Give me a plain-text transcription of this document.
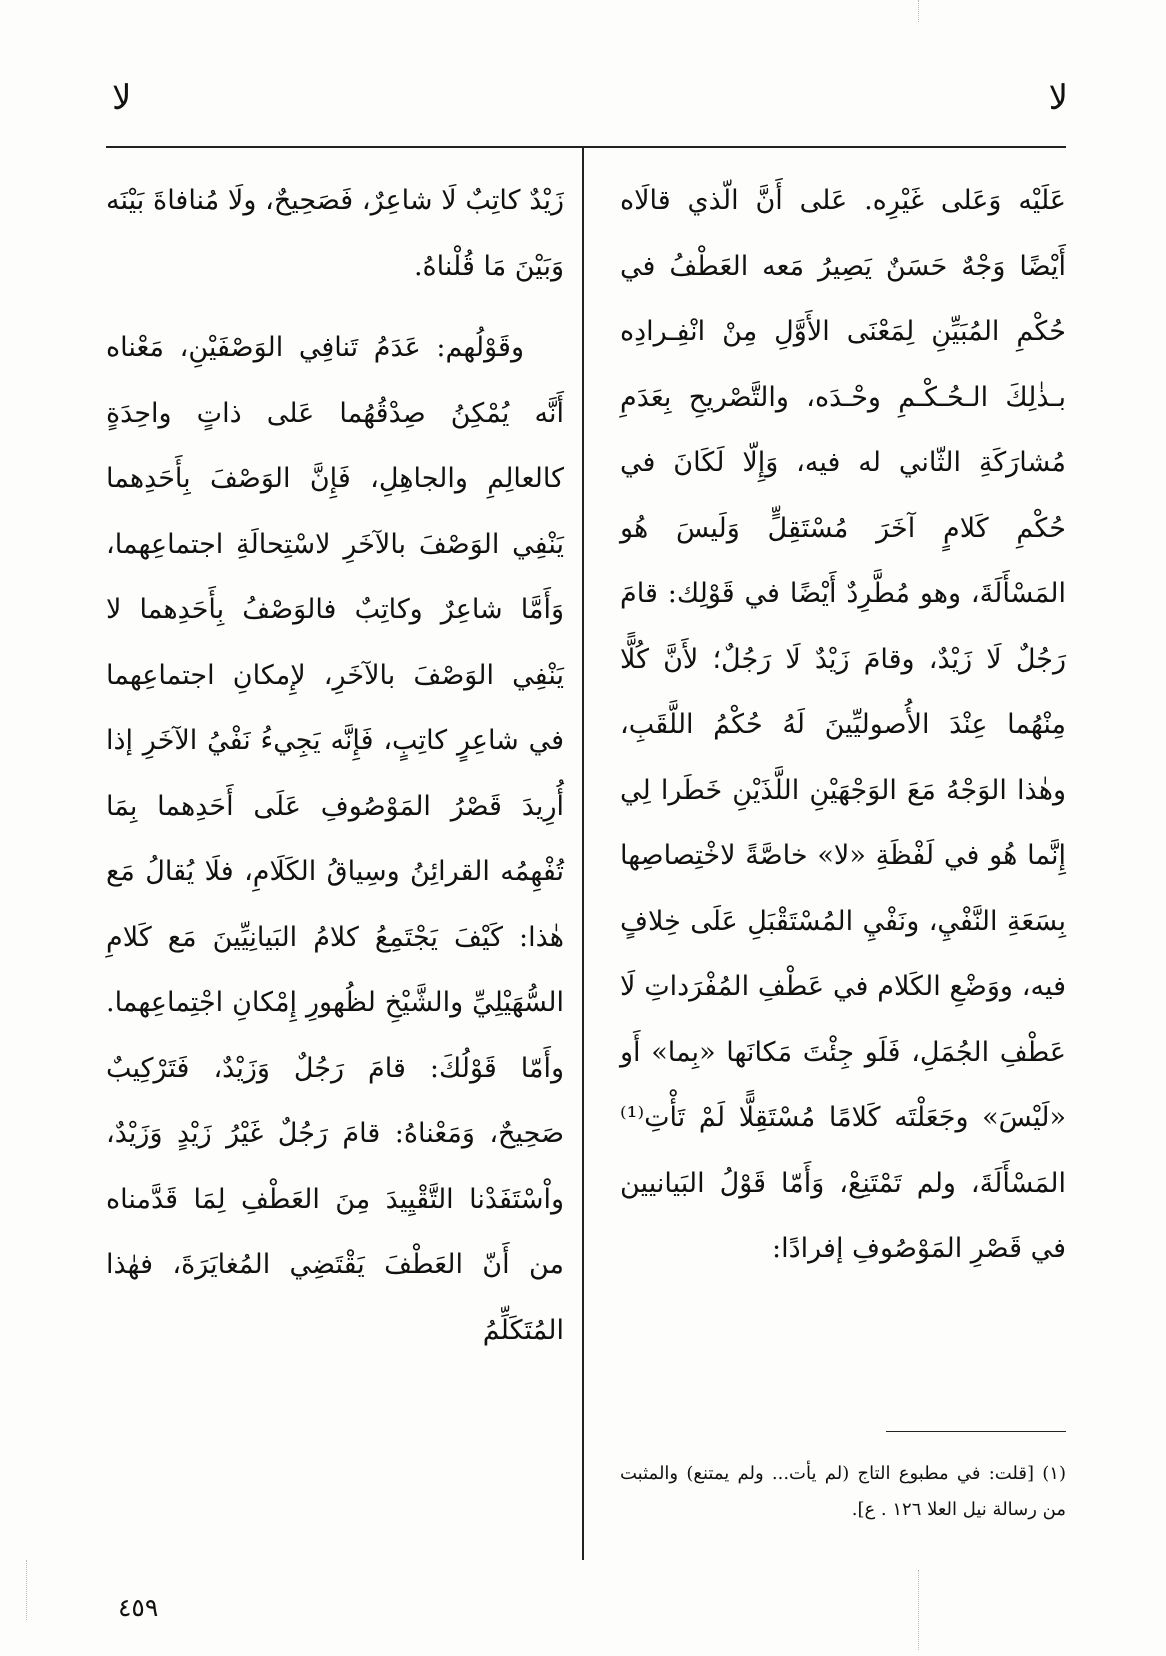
لا	لا

عَلَيْه وَعَلى غَيْرِه. عَلى أَنَّ الّذي قالَاه أَيْضًا وَجْهٌ حَسَنٌ يَصِيرُ مَعه العَطْفُ في حُكْمِ المُبَيِّنِ لِمَعْنَى الأَوَّلِ مِنْ انْفِـرادِه بـذٰلِكَ الـحُـكْـمِ وحْـدَه، والتَّصْريحِ بِعَدَمِ مُشارَكَةِ الثّاني له فيه، وَإِلّا لَكَانَ في حُكْمِ كَلامٍ آخَرَ مُسْتَقِلٍّ وَلَيسَ هُو المَسْأَلَةَ، وهو مُطَّرِدٌ أَيْضًا في قَوْلِك: قامَ رَجُلٌ لَا زَيْدٌ، وقامَ زَيْدٌ لَا رَجُلٌ؛ لأَنَّ كُلًّا مِنْهُما عِنْدَ الأُصوليِّينَ لَهُ حُكْمُ اللَّقَبِ، وهٰذا الوَجْهُ مَعَ الوَجْهَيْنِ اللَّذَيْنِ خَطَرا لِي إِنَّما هُو في لَفْظَةِ «لا» خاصَّةً لاخْتِصاصِها بِسَعَةِ النَّفْيِ، ونَفْيِ المُسْتَقْبَلِ عَلَى خِلافٍ فيه، ووَضْعِ الكَلام في عَطْفِ المُفْرَداتِ لَا عَطْفِ الجُمَلِ، فَلَو جِئْتَ مَكانَها «بِما» أَو «لَيْسَ» وجَعَلْتَه كَلامًا مُسْتَقِلًّا لَمْ تَأْتِ⁽¹⁾ المَسْأَلَةَ، ولم تَمْتَنِعْ، وَأَمّا قَوْلُ البَيانيين في قَصْرِ المَوْصُوفِ إفرادًا:

زَيْدٌ كاتِبٌ لَا شاعِرٌ، فَصَحِيحٌ، ولَا مُنافاةَ بَيْنَه وَبَيْنَ مَا قُلْناهُ.

وقَوْلُهم: عَدَمُ تَنافِي الوَصْفَيْنِ، مَعْناه أَنَّه يُمْكِنُ صِدْقُهُما عَلى ذاتٍ واحِدَةٍ كالعالِمِ والجاهِلِ، فَإِنَّ الوَصْفَ بِأَحَدِهما يَنْفِي الوَصْفَ بالآخَرِ لاسْتِحالَةِ اجتماعِهما، وَأَمَّا شاعِرٌ وكاتِبٌ فالوَصْفُ بِأَحَدِهما لا يَنْفِي الوَصْفَ بالآخَرِ، لإِمكانِ اجتماعِهما في شاعِرٍ كاتِبٍ، فَإِنَّه يَجِيءُ نَفْيُ الآخَرِ إذا أُرِيدَ قَصْرُ المَوْصُوفِ عَلَى أَحَدِهما بِمَا تُفْهِمُه القرائِنُ وسِياقُ الكَلَامِ، فلَا يُقالُ مَع هٰذا: كَيْفَ يَجْتَمِعُ كلامُ البَيانِيِّينَ مَع كَلامِ السُّهَيْلِيِّ والشَّيْخِ لظُهورِ إِمْكانِ اجْتِماعِهما. وأَمّا قَوْلُكَ: قامَ رَجُلٌ وَزَيْدٌ، فَتَرْكِيبٌ صَحِيحٌ، وَمَعْناهُ: قامَ رَجُلٌ غَيْرُ زَيْدٍ وَزَيْدٌ، واْسْتَفَدْنا التَّقْيِيدَ مِنَ العَطْفِ لِمَا قَدَّمناه من أَنّ العَطْفَ يَقْتَضِي المُغايَرَةَ، فهٰذا المُتَكَلِّمُ

(١) [قلت: في مطبوع التاج (لم يأت... ولم يمتنع) والمثبت من رسالة نيل العلا ١٢٦ . ع].

٤٥٩
